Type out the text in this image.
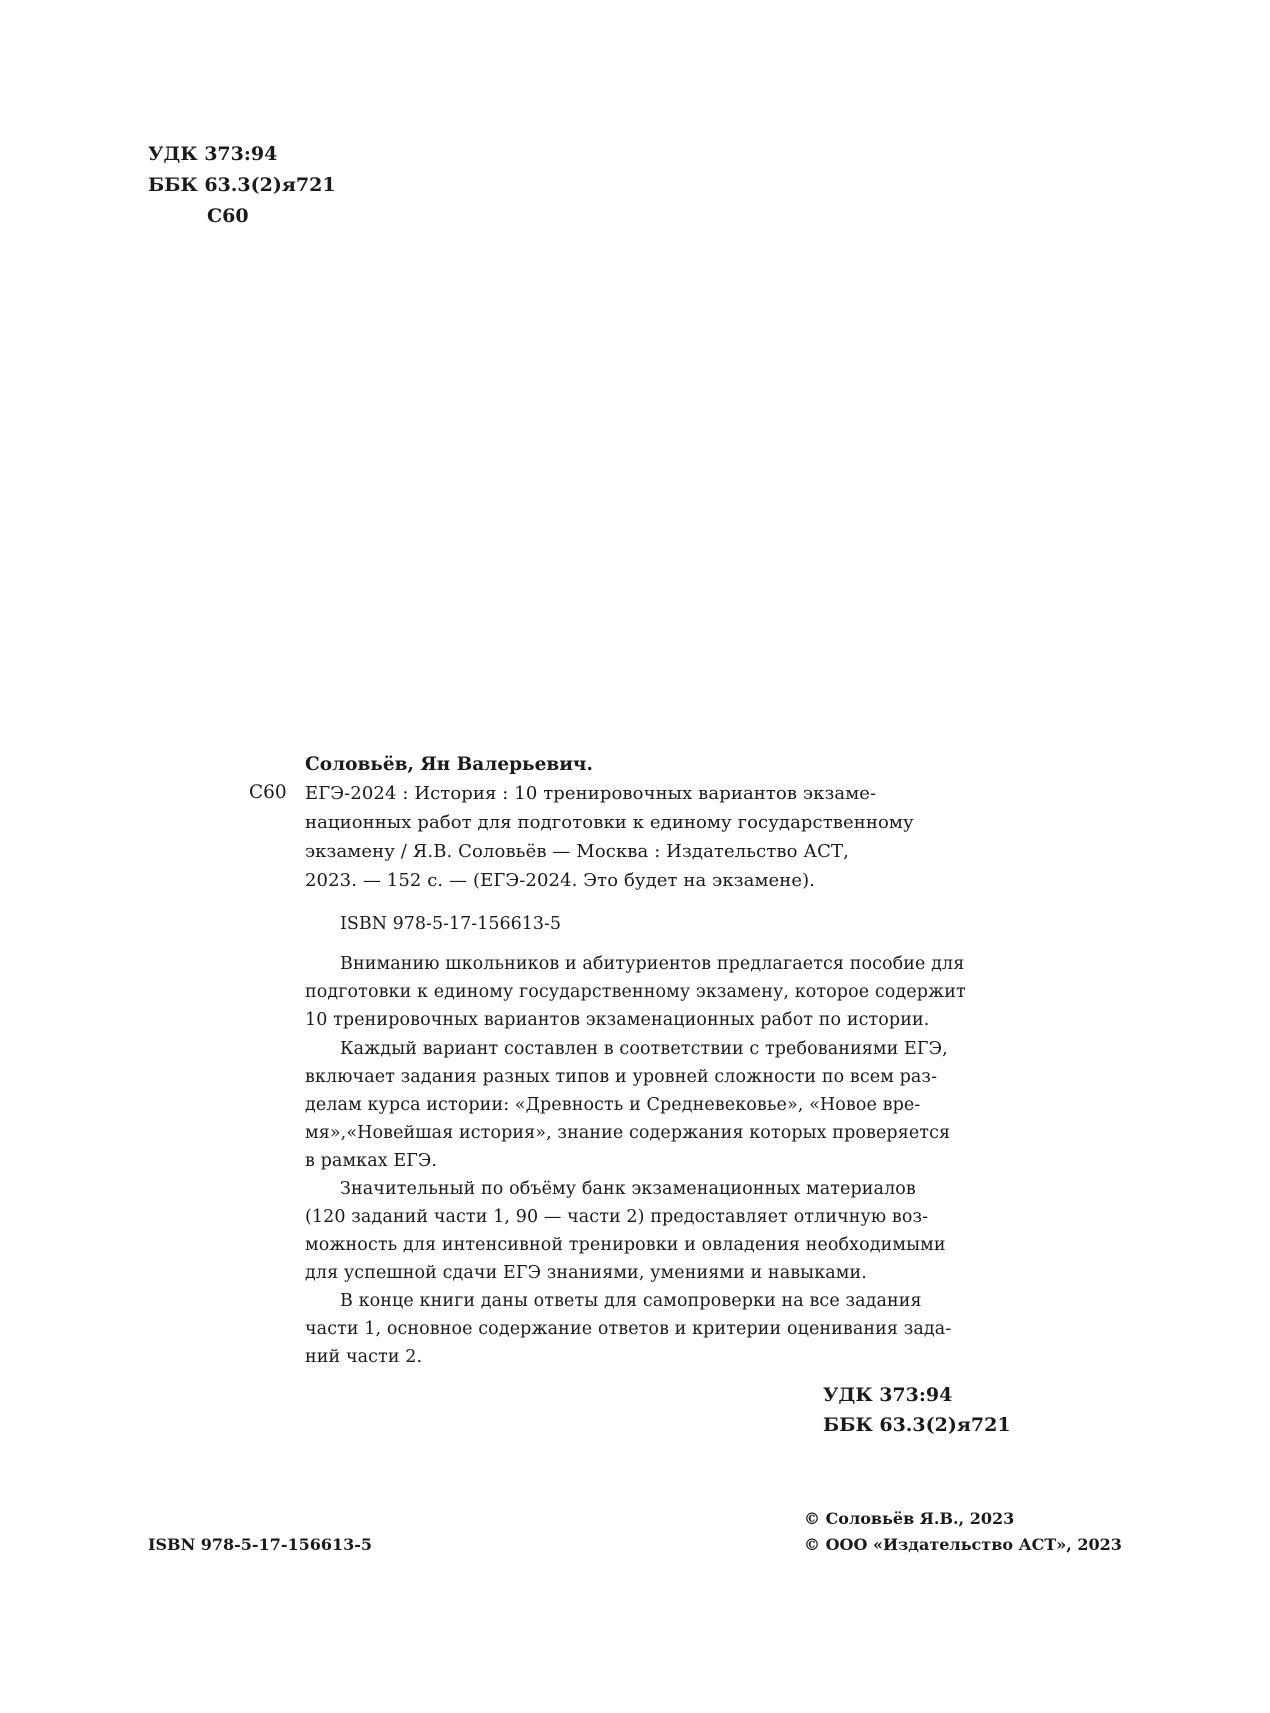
УДК 373:94
ББК 63.3(2)я721
С60
Соловьёв, Ян Валерьевич.
С60 ЕГЭ-2024 : История : 10 тренировочных вариантов экзаме-
национных работ для подготовки к единому государственному
экзамену / Я.В. Соловьёв — Москва : Издательство АСТ,
2023. — 152 с. — (ЕГЭ-2024. Это будет на экзамене).
ISBN 978-5-17-156613-5
Вниманию школьников и абитуриентов предлагается пособие для
подготовки к единому государственному экзамену, которое содержит
10 тренировочных вариантов экзаменационных работ по истории.
Каждый вариант составлен в соответствии с требованиями ЕГЭ,
включает задания разных типов и уровней сложности по всем раз-
делам курса истории: «Древность и Средневековье», «Новое вре-
мя»,«Новейшая история», знание содержания которых проверяется
в рамках ЕГЭ.
Значительный по объёму банк экзаменационных материалов
(120 заданий части 1, 90 — части 2) предоставляет отличную воз-
можность для интенсивной тренировки и овладения необходимыми
для успешной сдачи ЕГЭ знаниями, умениями и навыками.
В конце книги даны ответы для самопроверки на все задания
части 1, основное содержание ответов и критерии оценивания зада-
ний части 2.
УДК 373:94
ББК 63.3(2)я721
ISBN 978-5-17-156613-5
© Соловьёв Я.В., 2023
© ООО «Издательство АСТ», 2023
